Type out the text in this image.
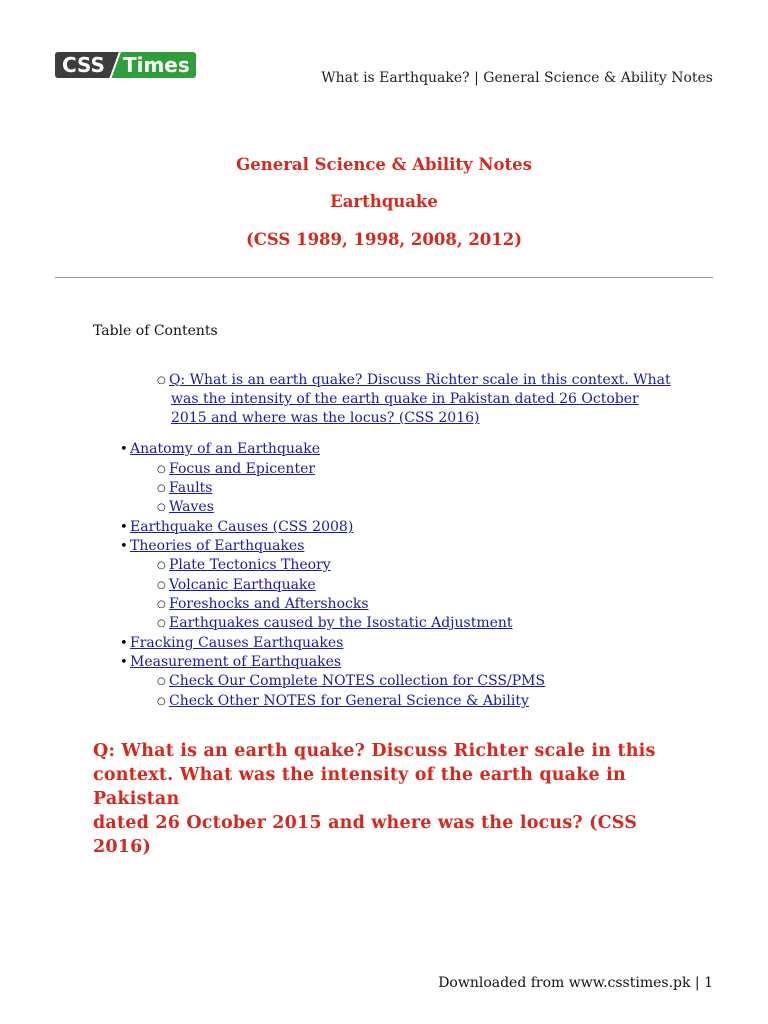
CSS Times
What is Earthquake? | General Science & Ability Notes
General Science & Ability Notes
Earthquake
(CSS 1989, 1998, 2008, 2012)
Table of Contents
○ Q: What is an earth quake? Discuss Richter scale in this context. What
was the intensity of the earth quake in Pakistan dated 26 October
2015 and where was the locus? (CSS 2016)
• Anatomy of an Earthquake
○ Focus and Epicenter
○ Faults
○ Waves
• Earthquake Causes (CSS 2008)
• Theories of Earthquakes
○ Plate Tectonics Theory
○ Volcanic Earthquake
○ Foreshocks and Aftershocks
○ Earthquakes caused by the Isostatic Adjustment
• Fracking Causes Earthquakes
• Measurement of Earthquakes
○ Check Our Complete NOTES collection for CSS/PMS
○ Check Other NOTES for General Science & Ability
Q: What is an earth quake? Discuss Richter scale in this
context. What was the intensity of the earth quake in Pakistan
dated 26 October 2015 and where was the locus? (CSS 2016)
Downloaded from www.csstimes.pk | 1
